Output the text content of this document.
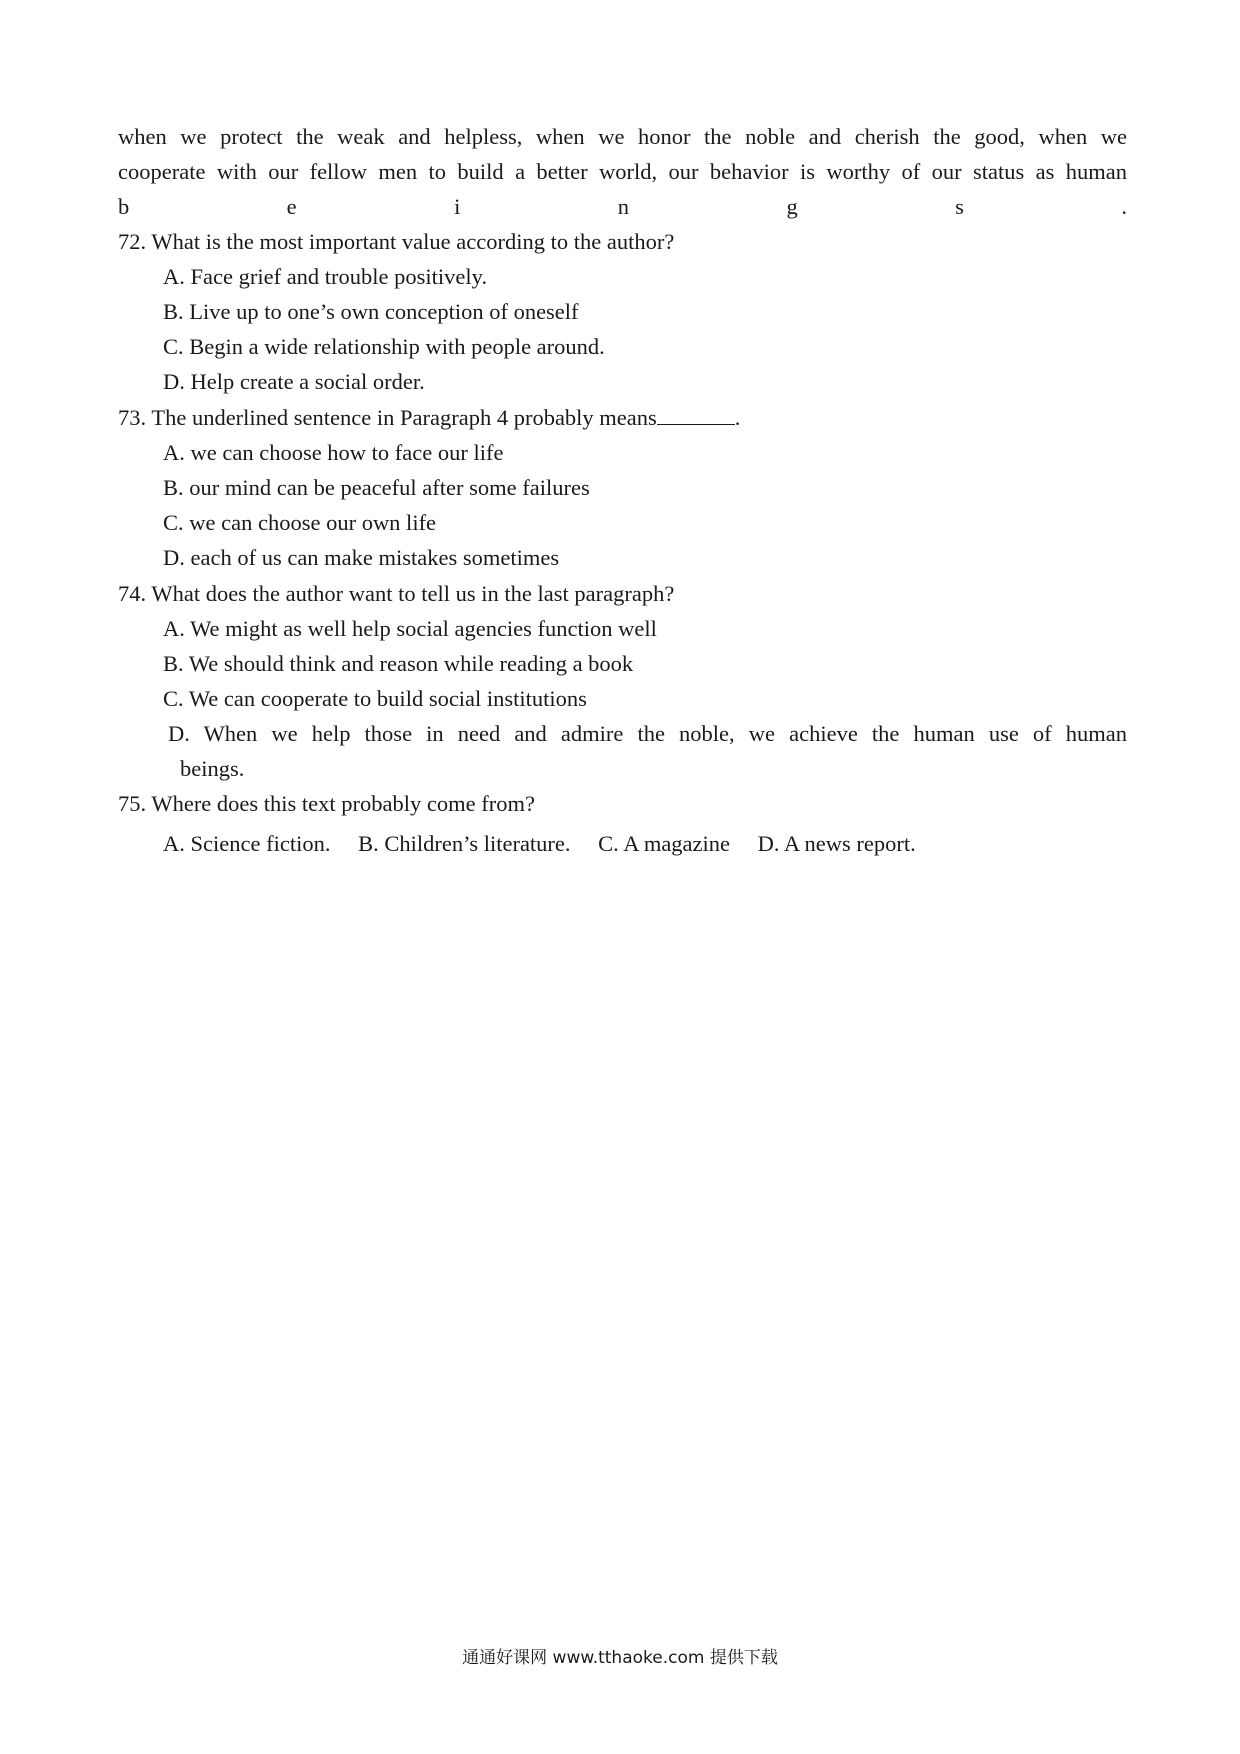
when we protect the weak and helpless, when we honor the noble and cherish the good, when we
cooperate with our fellow men to build a better world, our behavior is worthy of our status as human
b	e	i	n	g	s	.
72. What is the most important value according to the author?
A. Face grief and trouble positively.
B. Live up to one’s own conception of oneself
C. Begin a wide relationship with people around.
D. Help create a social order.
73. The underlined sentence in Paragraph 4 probably means	.
A. we can choose how to face our life
B. our mind can be peaceful after some failures
C. we can choose our own life
D. each of us can make mistakes sometimes
74. What does the author want to tell us in the last paragraph?
A. We might as well help social agencies function well
B. We should think and reason while reading a book
C. We can cooperate to build social institutions
D. When we help those in need and admire the noble, we achieve the human use of human
beings.
75. Where does this text probably come from?
A. Science fiction. B. Children’s literature. C. A magazine D. A news report.
通通好课网 www.tthaoke.com 提供下载
